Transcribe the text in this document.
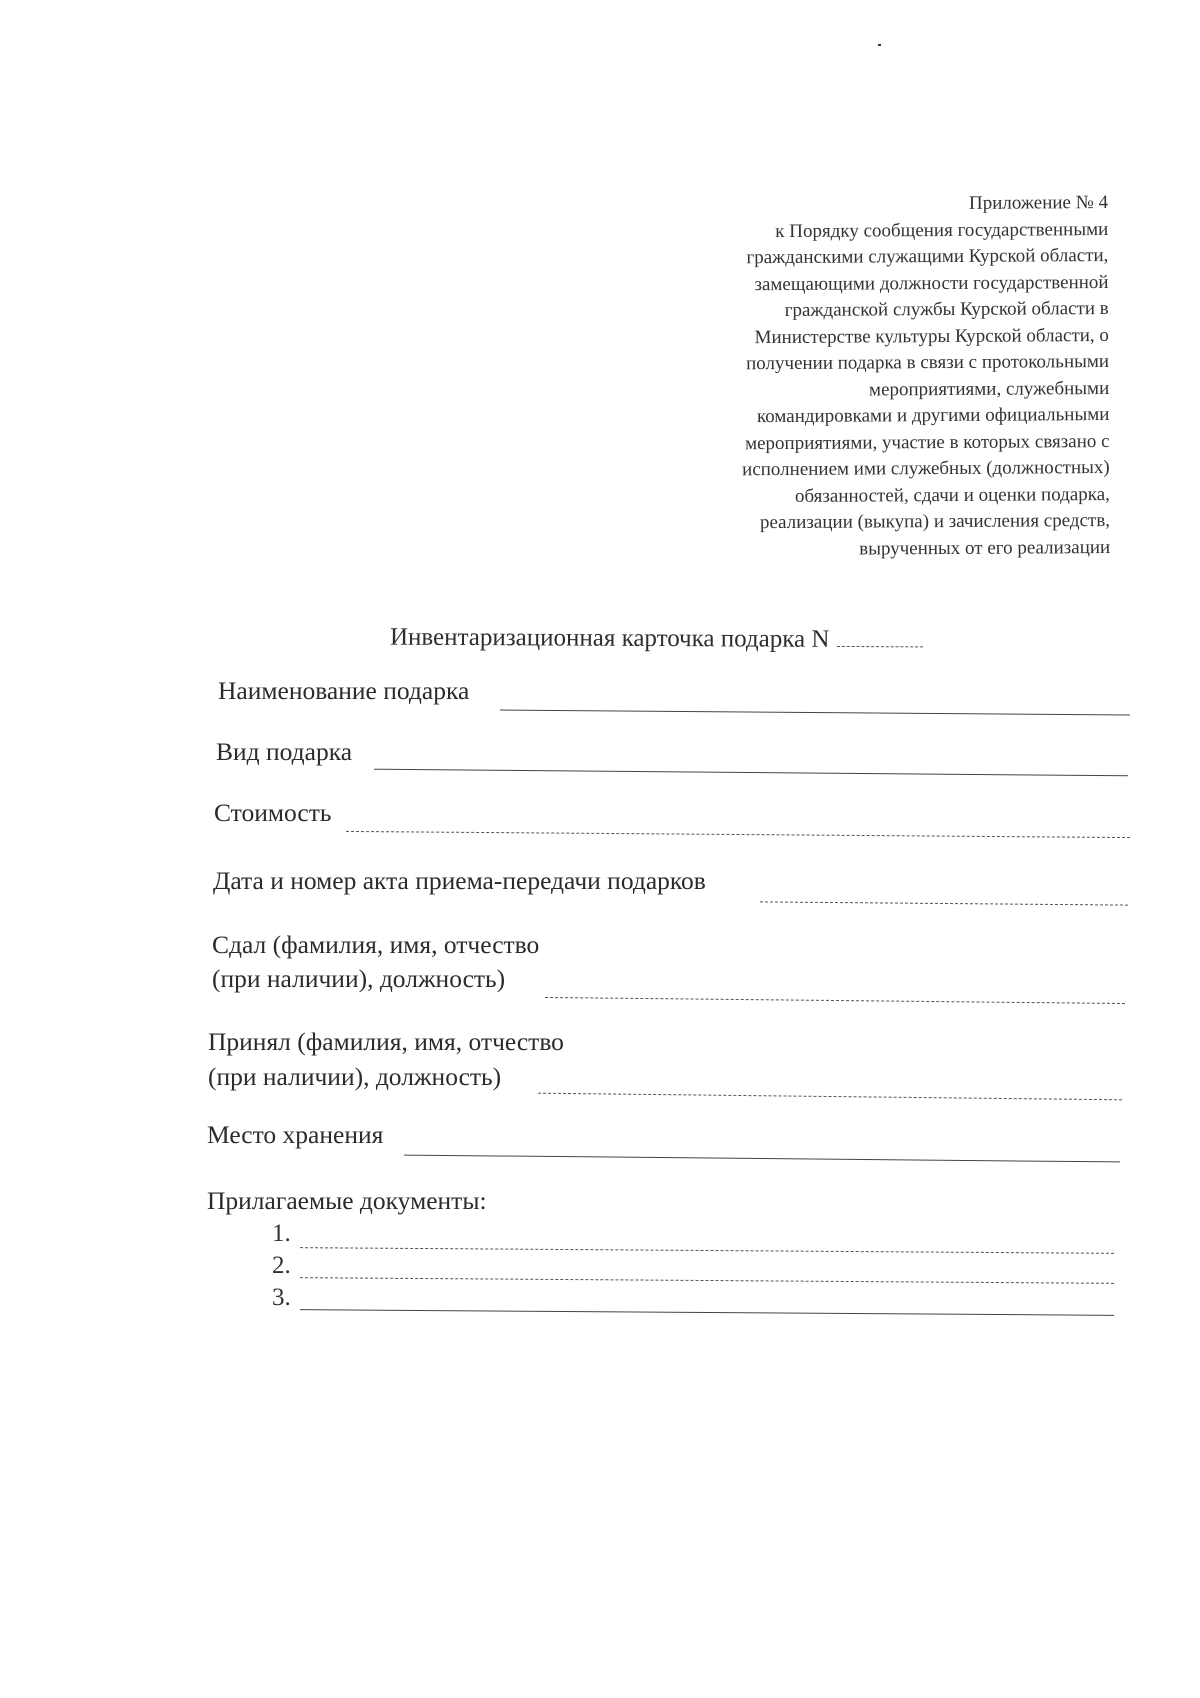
Приложение № 4
к Порядку сообщения государственными
гражданскими служащими Курской области,
замещающими должности государственной
гражданской службы Курской области в
Министерстве культуры Курской области, о
получении подарка в связи с протокольными
мероприятиями, служебными
командировками и другими официальными
мероприятиями, участие в которых связано с
исполнением ими служебных (должностных)
обязанностей, сдачи и оценки подарка,
реализации (выкупа) и зачисления средств,
вырученных от его реализации
Инвентаризационная карточка подарка N
Наименование подарка
Вид подарка
Стоимость
Дата и номер акта приема-передачи подарков
Сдал (фамилия, имя, отчество
(при наличии), должность)
Принял (фамилия, имя, отчество
(при наличии), должность)
Место хранения
Прилагаемые документы:
1.
2.
3.
